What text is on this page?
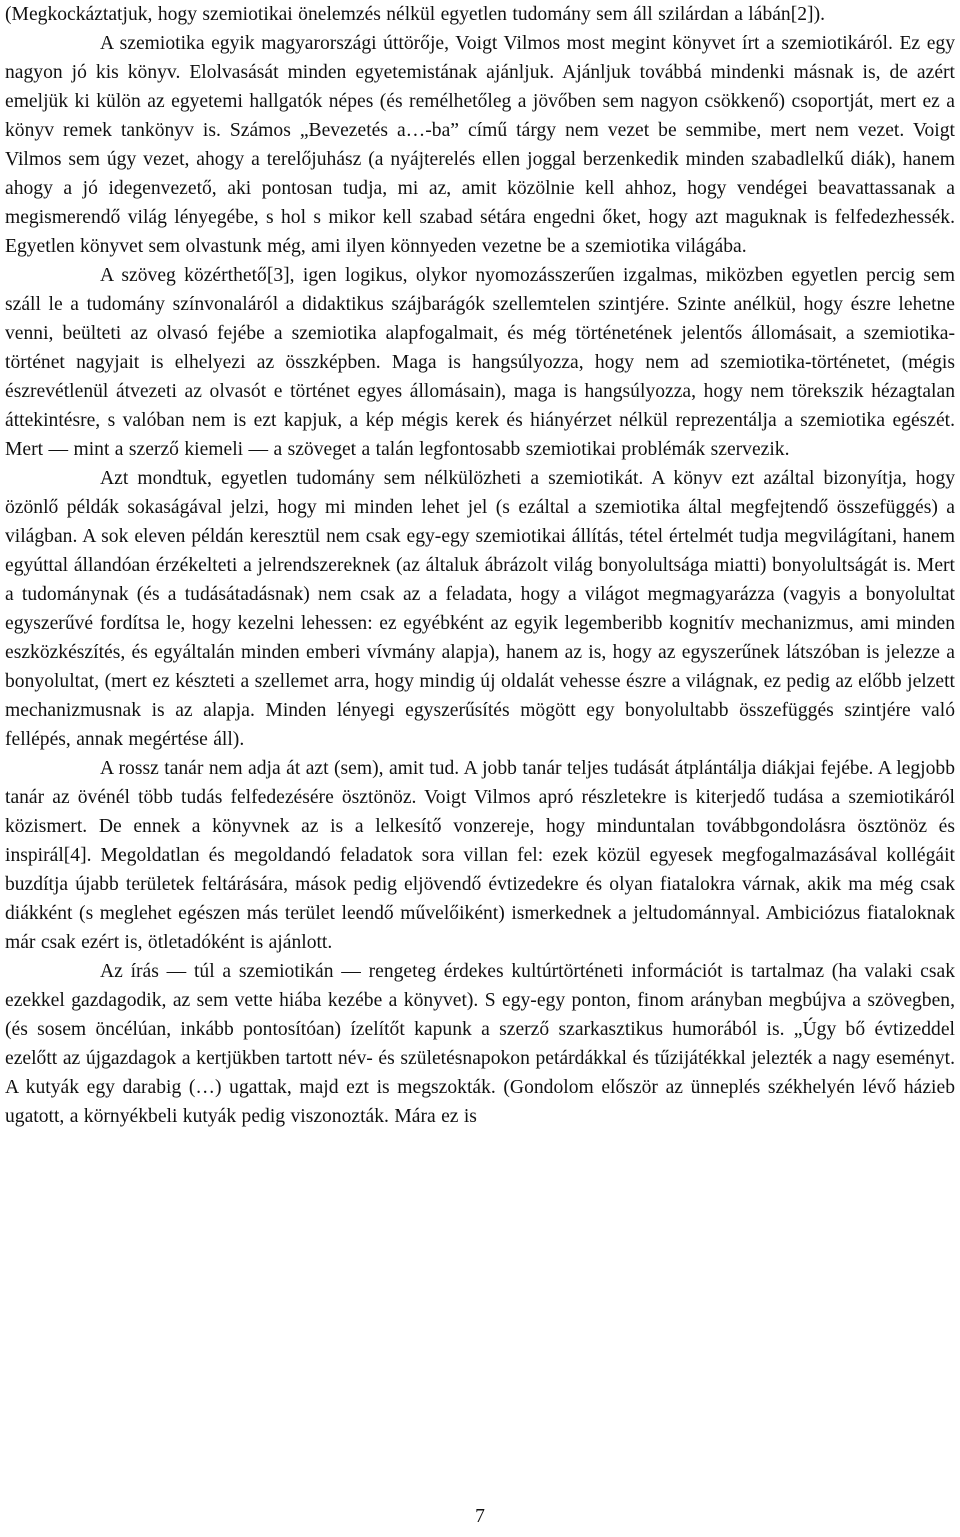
(Megkockáztatjuk, hogy szemiotikai önelemzés nélkül egyetlen tudomány sem áll szilárdan a lábán[2]).

A szemiotika egyik magyarországi úttörője, Voigt Vilmos most megint könyvet írt a szemiotikáról. Ez egy nagyon jó kis könyv. Elolvasását minden egyetemistának ajánljuk. Ajánljuk továbbá mindenki másnak is, de azért emeljük ki külön az egyetemi hallgatók népes (és remélhetőleg a jövőben sem nagyon csökkenő) csoportját, mert ez a könyv remek tankönyv is. Számos „Bevezetés a…-ba” című tárgy nem vezet be semmibe, mert nem vezet. Voigt Vilmos sem úgy vezet, ahogy a terelőjuhász (a nyájterelés ellen joggal berzenkedik minden szabadlelkű diák), hanem ahogy a jó idegenvezető, aki pontosan tudja, mi az, amit közölnie kell ahhoz, hogy vendégei beavattassanak a megismerendő világ lényegébe, s hol s mikor kell szabad sétára engedni őket, hogy azt maguknak is felfedezhessék. Egyetlen könyvet sem olvastunk még, ami ilyen könnyeden vezetne be a szemiotika világába.

A szöveg közérthető[3], igen logikus, olykor nyomozásszerűen izgalmas, miközben egyetlen percig sem száll le a tudomány színvonaláról a didaktikus szájbarágók szellemtelen szintjére. Szinte anélkül, hogy észre lehetne venni, beülteti az olvasó fejébe a szemiotika alapfogalmait, és még történetének jelentős állomásait, a szemiotika-történet nagyjait is elhelyezi az összképben. Maga is hangsúlyozza, hogy nem ad szemiotika-történetet, (mégis észrevétlenül átvezeti az olvasót e történet egyes állomásain), maga is hangsúlyozza, hogy nem törekszik hézagtalan áttekintésre, s valóban nem is ezt kapjuk, a kép mégis kerek és hiányérzet nélkül reprezentálja a szemiotika egészét. Mert — mint a szerző kiemeli — a szöveget a talán legfontosabb szemiotikai problémák szervezik.

Azt mondtuk, egyetlen tudomány sem nélkülözheti a szemiotikát. A könyv ezt azáltal bizonyítja, hogy özönlő példák sokaságával jelzi, hogy mi minden lehet jel (s ezáltal a szemiotika által megfejtendő összefüggés) a világban. A sok eleven példán keresztül nem csak egy-egy szemiotikai állítás, tétel értelmét tudja megvilágítani, hanem egyúttal állandóan érzékelteti a jelrendszereknek (az általuk ábrázolt világ bonyolultsága miatti) bonyolultságát is. Mert a tudománynak (és a tudásátadásnak) nem csak az a feladata, hogy a világot megmagyarázza (vagyis a bonyolultat egyszerűvé fordítsa le, hogy kezelni lehessen: ez egyébként az egyik legemberibb kognitív mechanizmus, ami minden eszközkészítés, és egyáltalán minden emberi vívmány alapja), hanem az is, hogy az egyszerűnek látszóban is jelezze a bonyolultat, (mert ez készteti a szellemet arra, hogy mindig új oldalát vehesse észre a világnak, ez pedig az előbb jelzett mechanizmusnak is az alapja. Minden lényegi egyszerűsítés mögött egy bonyolultabb összefüggés szintjére való fellépés, annak megértése áll).

A rossz tanár nem adja át azt (sem), amit tud. A jobb tanár teljes tudását átplántálja diákjai fejébe. A legjobb tanár az övénél több tudás felfedezésére ösztönöz. Voigt Vilmos apró részletekre is kiterjedő tudása a szemiotikáról közismert. De ennek a könyvnek az is a lelkesítő vonzereje, hogy minduntalan továbbgondolásra ösztönöz és inspirál[4]. Megoldatlan és megoldandó feladatok sora villan fel: ezek közül egyesek megfogalmazásával kollégáit buzdítja újabb területek feltárására, mások pedig eljövendő évtizedekre és olyan fiatalokra várnak, akik ma még csak diákként (s meglehet egészen más terület leendő művelőiként) ismerkednek a jeltudománnyal. Ambiciózus fiataloknak már csak ezért is, ötletadóként is ajánlott.

Az írás — túl a szemiotikán — rengeteg érdekes kultúrtörténeti információt is tartalmaz (ha valaki csak ezekkel gazdagodik, az sem vette hiába kezébe a könyvet). S egy-egy ponton, finom arányban megbújva a szövegben, (és sosem öncélúan, inkább pontosítóan) ízelítőt kapunk a szerző szarkasztikus humorából is. „Úgy bő évtizeddel ezelőtt az újgazdagok a kertjükben tartott név- és születésnapokon petárdákkal és tűzijátékkal jelezték a nagy eseményt. A kutyák egy darabig (…) ugattak, majd ezt is megszokták. (Gondolom először az ünneplés székhelyén lévő házieb ugatott, a környékbeli kutyák pedig viszonozták. Mára ez is

7
